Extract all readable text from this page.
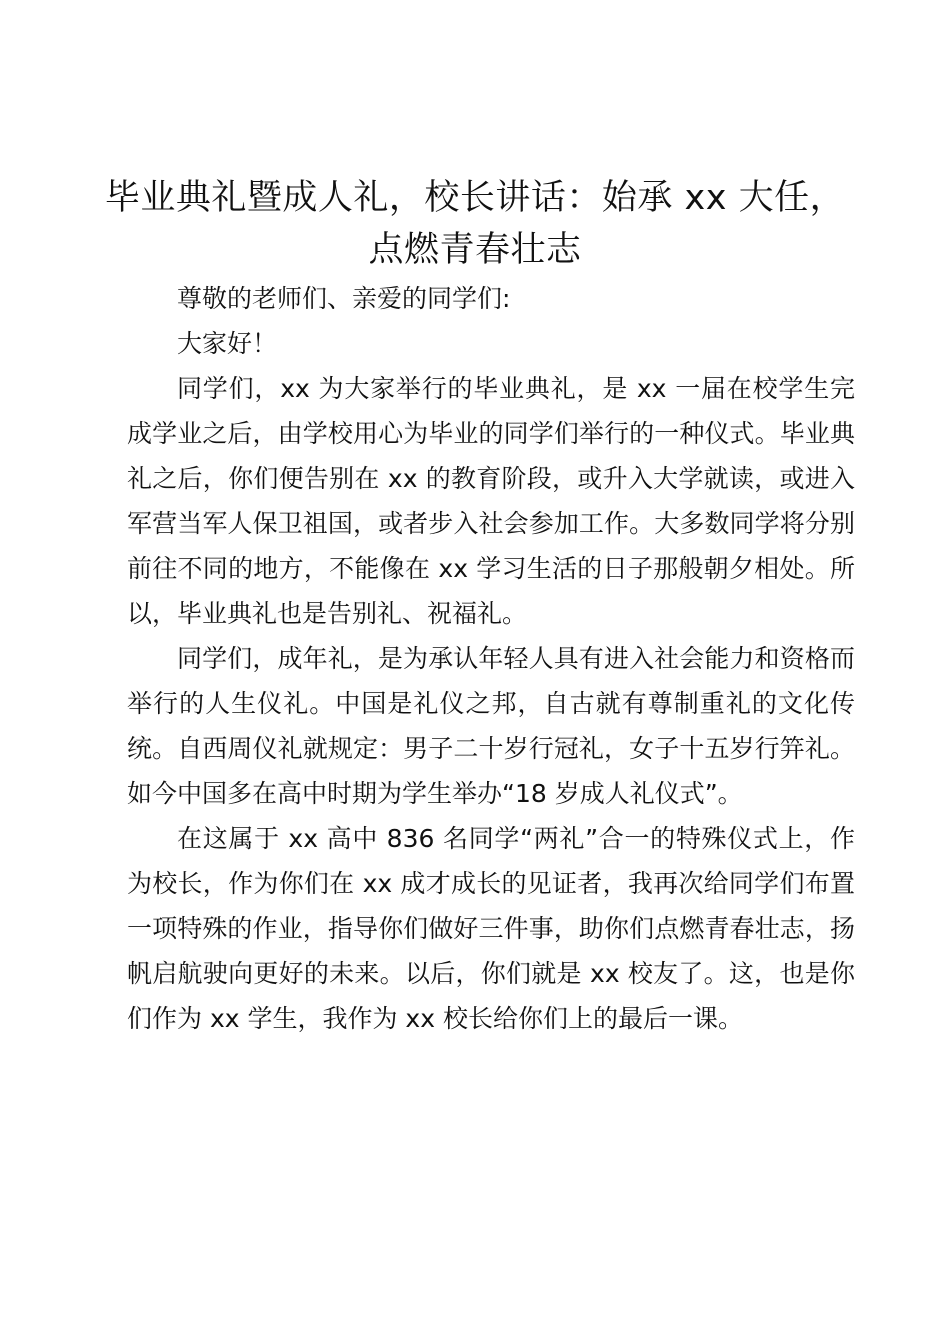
毕业典礼暨成人礼，校长讲话：始承 xx 大任，
点燃青春壮志

尊敬的老师们、亲爱的同学们:

大家好！

同学们，xx 为大家举行的毕业典礼，是 xx 一届在校学生完成学业之后，由学校用心为毕业的同学们举行的一种仪式。毕业典礼之后，你们便告别在 xx 的教育阶段，或升入大学就读，或进入军营当军人保卫祖国，或者步入社会参加工作。大多数同学将分别前往不同的地方，不能像在 xx 学习生活的日子那般朝夕相处。所以，毕业典礼也是告别礼、祝福礼。

同学们，成年礼，是为承认年轻人具有进入社会能力和资格而举行的人生仪礼。中国是礼仪之邦，自古就有尊制重礼的文化传统。自西周仪礼就规定：男子二十岁行冠礼，女子十五岁行笄礼。如今中国多在高中时期为学生举办“18 岁成人礼仪式”。

在这属于 xx 高中 836 名同学“两礼”合一的特殊仪式上，作为校长，作为你们在 xx 成才成长的见证者，我再次给同学们布置一项特殊的作业，指导你们做好三件事，助你们点燃青春壮志，扬帆启航驶向更好的未来。以后，你们就是 xx 校友了。这，也是你们作为 xx 学生，我作为 xx 校长给你们上的最后一课。
